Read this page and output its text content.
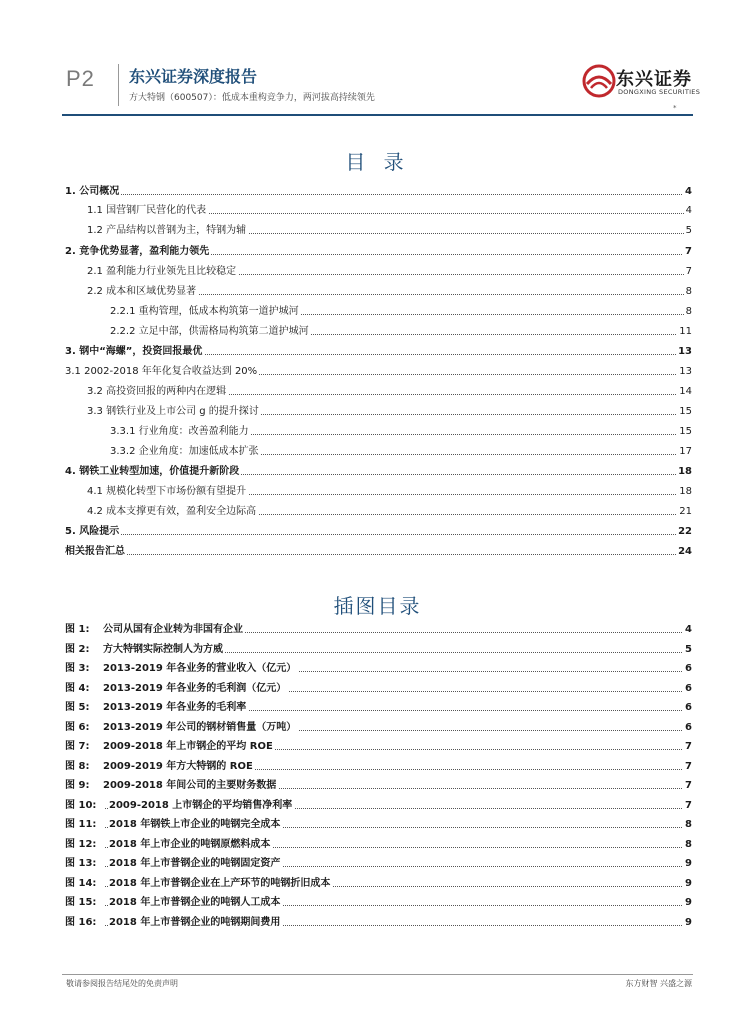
P2 东兴证券深度报告
方大特钢（600507）：低成本重构竞争力，两河拔高持续领先
东兴证券
DONGXING SECURITIES
*
目 录
1. 公司概况	4
1.1 国营钢厂民营化的代表	4
1.2 产品结构以普钢为主，特钢为辅	5
2. 竞争优势显著，盈利能力领先	7
2.1 盈利能力行业领先且比较稳定	7
2.2 成本和区域优势显著	8
2.2.1 重构管理，低成本构筑第一道护城河	8
2.2.2 立足中部，供需格局构筑第二道护城河	11
3. 钢中“海螺”，投资回报最优	13
3.1 2002-2018 年年化复合收益达到 20%	13
3.2 高投资回报的两种内在逻辑	14
3.3 钢铁行业及上市公司 g 的提升探讨	15
3.3.1 行业角度：改善盈利能力	15
3.3.2 企业角度：加速低成本扩张	17
4. 钢铁工业转型加速，价值提升新阶段	18
4.1 规模化转型下市场份额有望提升	18
4.2 成本支撑更有效，盈利安全边际高	21
5. 风险提示	22
相关报告汇总	24
插图目录
图 1: 公司从国有企业转为非国有企业	4
图 2: 方大特钢实际控制人为方威	5
图 3: 2013-2019 年各业务的营业收入（亿元）	6
图 4: 2013-2019 年各业务的毛利润（亿元）	6
图 5: 2013-2019 年各业务的毛利率	6
图 6: 2013-2019 年公司的钢材销售量（万吨）	6
图 7: 2009-2018 年上市钢企的平均 ROE	7
图 8: 2009-2019 年方大特钢的 ROE	7
图 9: 2009-2018 年间公司的主要财务数据	7
图 10: 2009-2018 上市钢企的平均销售净利率	7
图 11: 2018 年钢铁上市企业的吨钢完全成本	8
图 12: 2018 年上市企业的吨钢原燃料成本	8
图 13: 2018 年上市普钢企业的吨钢固定资产	9
图 14: 2018 年上市普钢企业在上产环节的吨钢折旧成本	9
图 15: 2018 年上市普钢企业的吨钢人工成本	9
图 16: 2018 年上市普钢企业的吨钢期间费用	9
敬请参阅报告结尾处的免责声明	东方财智 兴盛之源
